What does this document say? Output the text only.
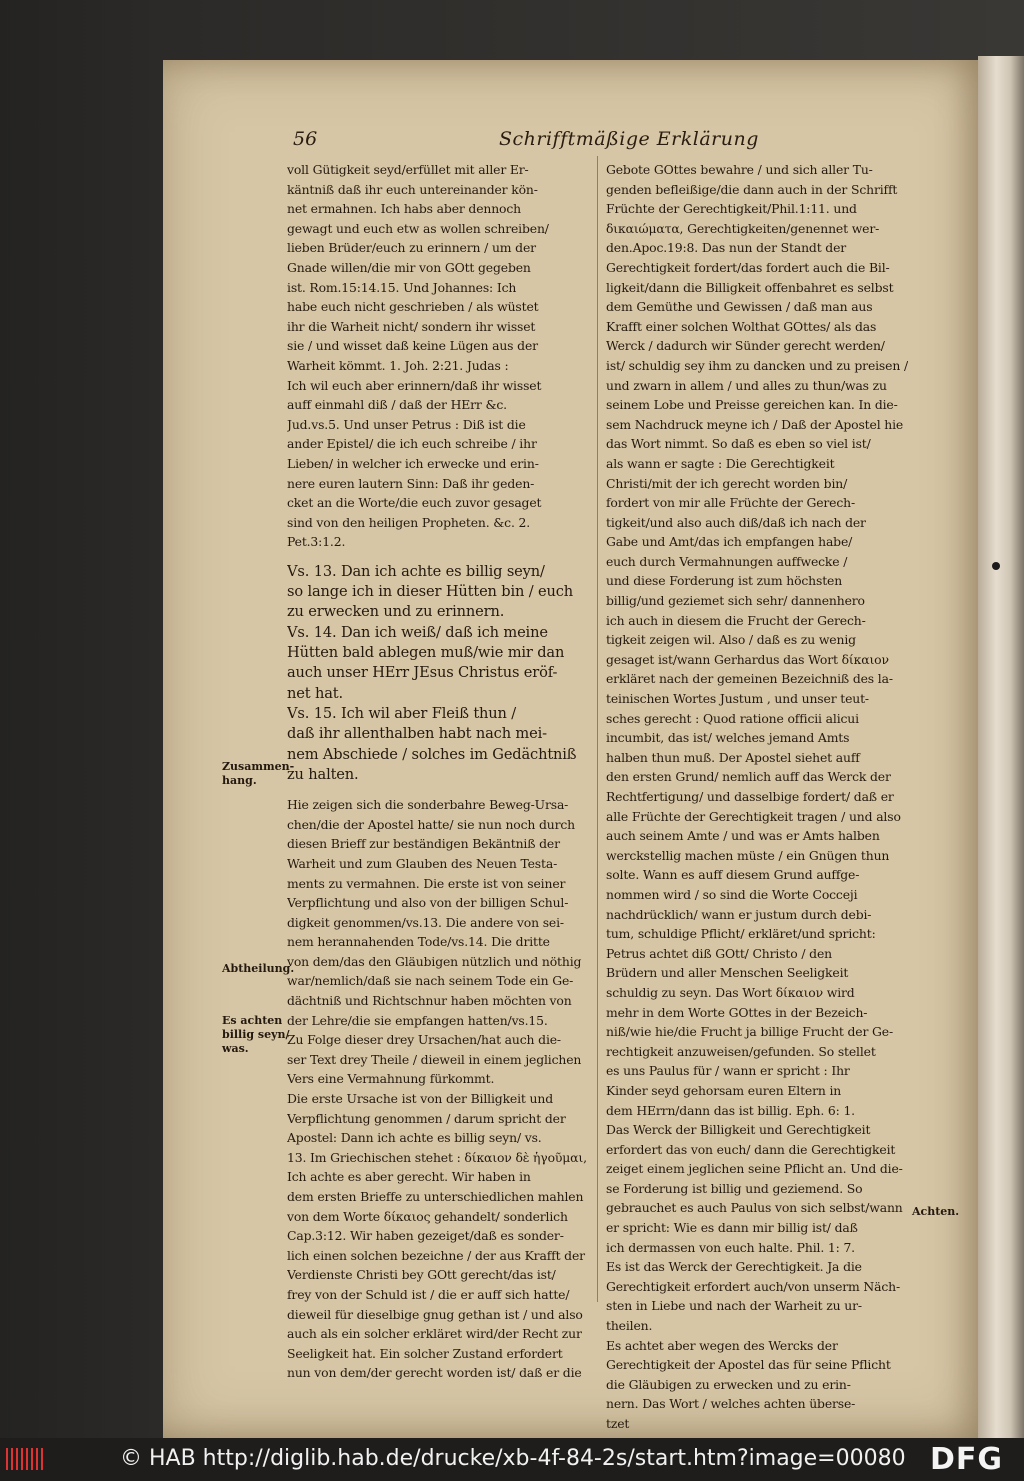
56	Schrifftmäßige Erklärung

voll Gütigkeit seyd/erfüllet mit aller Er-

käntniß daß ihr euch untereinander kön-

net ermahnen. Ich habs aber dennoch

gewagt und euch etw as wollen schreiben/

lieben Brüder/euch zu erinnern / um der

Gnade willen/die mir von GOtt gegeben

ist. Rom.15:14.15. Und Johannes: Ich

habe euch nicht geschrieben / als wüstet

ihr die Warheit nicht/ sondern ihr wisset

sie / und wisset daß keine Lügen aus der

Warheit kömmt. 1. Joh. 2:21. Judas :

Ich wil euch aber erinnern/daß ihr wisset

auff einmahl diß / daß der HErr &c.

Jud.vs.5. Und unser Petrus : Diß ist die

ander Epistel/ die ich euch schreibe / ihr

Lieben/ in welcher ich erwecke und erin-

nere euren lautern Sinn: Daß ihr geden-

cket an die Worte/die euch zuvor gesaget

sind von den heiligen Propheten. &c. 2.

Pet.3:1.2.

Vs. 13. Dan ich achte es billig seyn/

so lange ich in dieser Hütten bin / euch

zu erwecken und zu erinnern.

Vs. 14. Dan ich weiß/ daß ich meine

Hütten bald ablegen muß/wie mir dan

auch unser HErr JEsus Christus eröf-

net hat.

Vs. 15. Ich wil aber Fleiß thun /

daß ihr allenthalben habt nach mei-

nem Abschiede / solches im Gedächtniß

zu halten.

Hie zeigen sich die sonderbahre Beweg-Ursa-

chen/die der Apostel hatte/ sie nun noch durch

diesen Brieff zur beständigen Bekäntniß der

Warheit und zum Glauben des Neuen Testa-

ments zu vermahnen. Die erste ist von seiner

Verpflichtung und also von der billigen Schul-

digkeit genommen/vs.13. Die andere von sei-

nem herannahenden Tode/vs.14. Die dritte

von dem/das den Gläubigen nützlich und nöthig

war/nemlich/daß sie nach seinem Tode ein Ge-

dächtniß und Richtschnur haben möchten von

der Lehre/die sie empfangen hatten/vs.15.

Zu Folge dieser drey Ursachen/hat auch die-

ser Text drey Theile / dieweil in einem jeglichen

Vers eine Vermahnung fürkommt.

Die erste Ursache ist von der Billigkeit und

Verpflichtung genommen / darum spricht der

Apostel: Dann ich achte es billig seyn/ vs.

13. Im Griechischen stehet : δίκαιον δὲ ἡγοῦμαι,

Ich achte es aber gerecht. Wir haben in

dem ersten Brieffe zu unterschiedlichen mahlen

von dem Worte δίκαιος gehandelt/ sonderlich

Cap.3:12. Wir haben gezeiget/daß es sonder-

lich einen solchen bezeichne / der aus Krafft der

Verdienste Christi bey GOtt gerecht/das ist/

frey von der Schuld ist / die er auff sich hatte/

dieweil für dieselbige gnug gethan ist / und also

auch als ein solcher erkläret wird/der Recht zur

Seeligkeit hat. Ein solcher Zustand erfordert

nun von dem/der gerecht worden ist/ daß er die

Gebote GOttes bewahre / und sich aller Tu-

genden befleißige/die dann auch in der Schrifft

Früchte der Gerechtigkeit/Phil.1:11. und

δικαιώματα, Gerechtigkeiten/genennet wer-

den.Apoc.19:8. Das nun der Standt der

Gerechtigkeit fordert/das fordert auch die Bil-

ligkeit/dann die Billigkeit offenbahret es selbst

dem Gemüthe und Gewissen / daß man aus

Krafft einer solchen Wolthat GOttes/ als das

Werck / dadurch wir Sünder gerecht werden/

ist/ schuldig sey ihm zu dancken und zu preisen /

und zwarn in allem / und alles zu thun/was zu

seinem Lobe und Preisse gereichen kan. In die-

sem Nachdruck meyne ich / Daß der Apostel hie

das Wort nimmt. So daß es eben so viel ist/

als wann er sagte : Die Gerechtigkeit

Christi/mit der ich gerecht worden bin/

fordert von mir alle Früchte der Gerech-

tigkeit/und also auch diß/daß ich nach der

Gabe und Amt/das ich empfangen habe/

euch durch Vermahnungen auffwecke /

und diese Forderung ist zum höchsten

billig/und geziemet sich sehr/ dannenhero

ich auch in diesem die Frucht der Gerech-

tigkeit zeigen wil. Also / daß es zu wenig

gesaget ist/wann Gerhardus das Wort δίκαιον

erkläret nach der gemeinen Bezeichniß des la-

teinischen Wortes Justum , und unser teut-

sches gerecht : Quod ratione officii alicui

incumbit, das ist/ welches jemand Amts

halben thun muß. Der Apostel siehet auff

den ersten Grund/ nemlich auff das Werck der

Rechtfertigung/ und dasselbige fordert/ daß er

alle Früchte der Gerechtigkeit tragen / und also

auch seinem Amte / und was er Amts halben

werckstellig machen müste / ein Gnügen thun

solte. Wann es auff diesem Grund auffge-

nommen wird / so sind die Worte Cocceji

nachdrücklich/ wann er justum durch debi-

tum, schuldige Pflicht/ erkläret/und spricht:

Petrus achtet diß GOtt/ Christo / den

Brüdern und aller Menschen Seeligkeit

schuldig zu seyn. Das Wort δίκαιον wird

mehr in dem Worte GOttes in der Bezeich-

niß/wie hie/die Frucht ja billige Frucht der Ge-

rechtigkeit anzuweisen/gefunden. So stellet

es uns Paulus für / wann er spricht : Ihr

Kinder seyd gehorsam euren Eltern in

dem HErrn/dann das ist billig. Eph. 6: 1.

Das Werck der Billigkeit und Gerechtigkeit

erfordert das von euch/ dann die Gerechtigkeit

zeiget einem jeglichen seine Pflicht an. Und die-

se Forderung ist billig und geziemend. So

gebrauchet es auch Paulus von sich selbst/wann

er spricht: Wie es dann mir billig ist/ daß

ich dermassen von euch halte. Phil. 1: 7.

Es ist das Werck der Gerechtigkeit. Ja die

Gerechtigkeit erfordert auch/von unserm Näch-

sten in Liebe und nach der Warheit zu ur-

theilen.

Es achtet aber wegen des Wercks der

Gerechtigkeit der Apostel das für seine Pflicht

die Gläubigen zu erwecken und zu erin-

nern. Das Wort / welches achten überse-

tzet

Zusammen-
hang.
Abtheilung.
Es achten
billig seyn/
was.
Achten.
© HAB http://diglib.hab.de/drucke/xb-4f-84-2s/start.htm?image=00080 DFG
